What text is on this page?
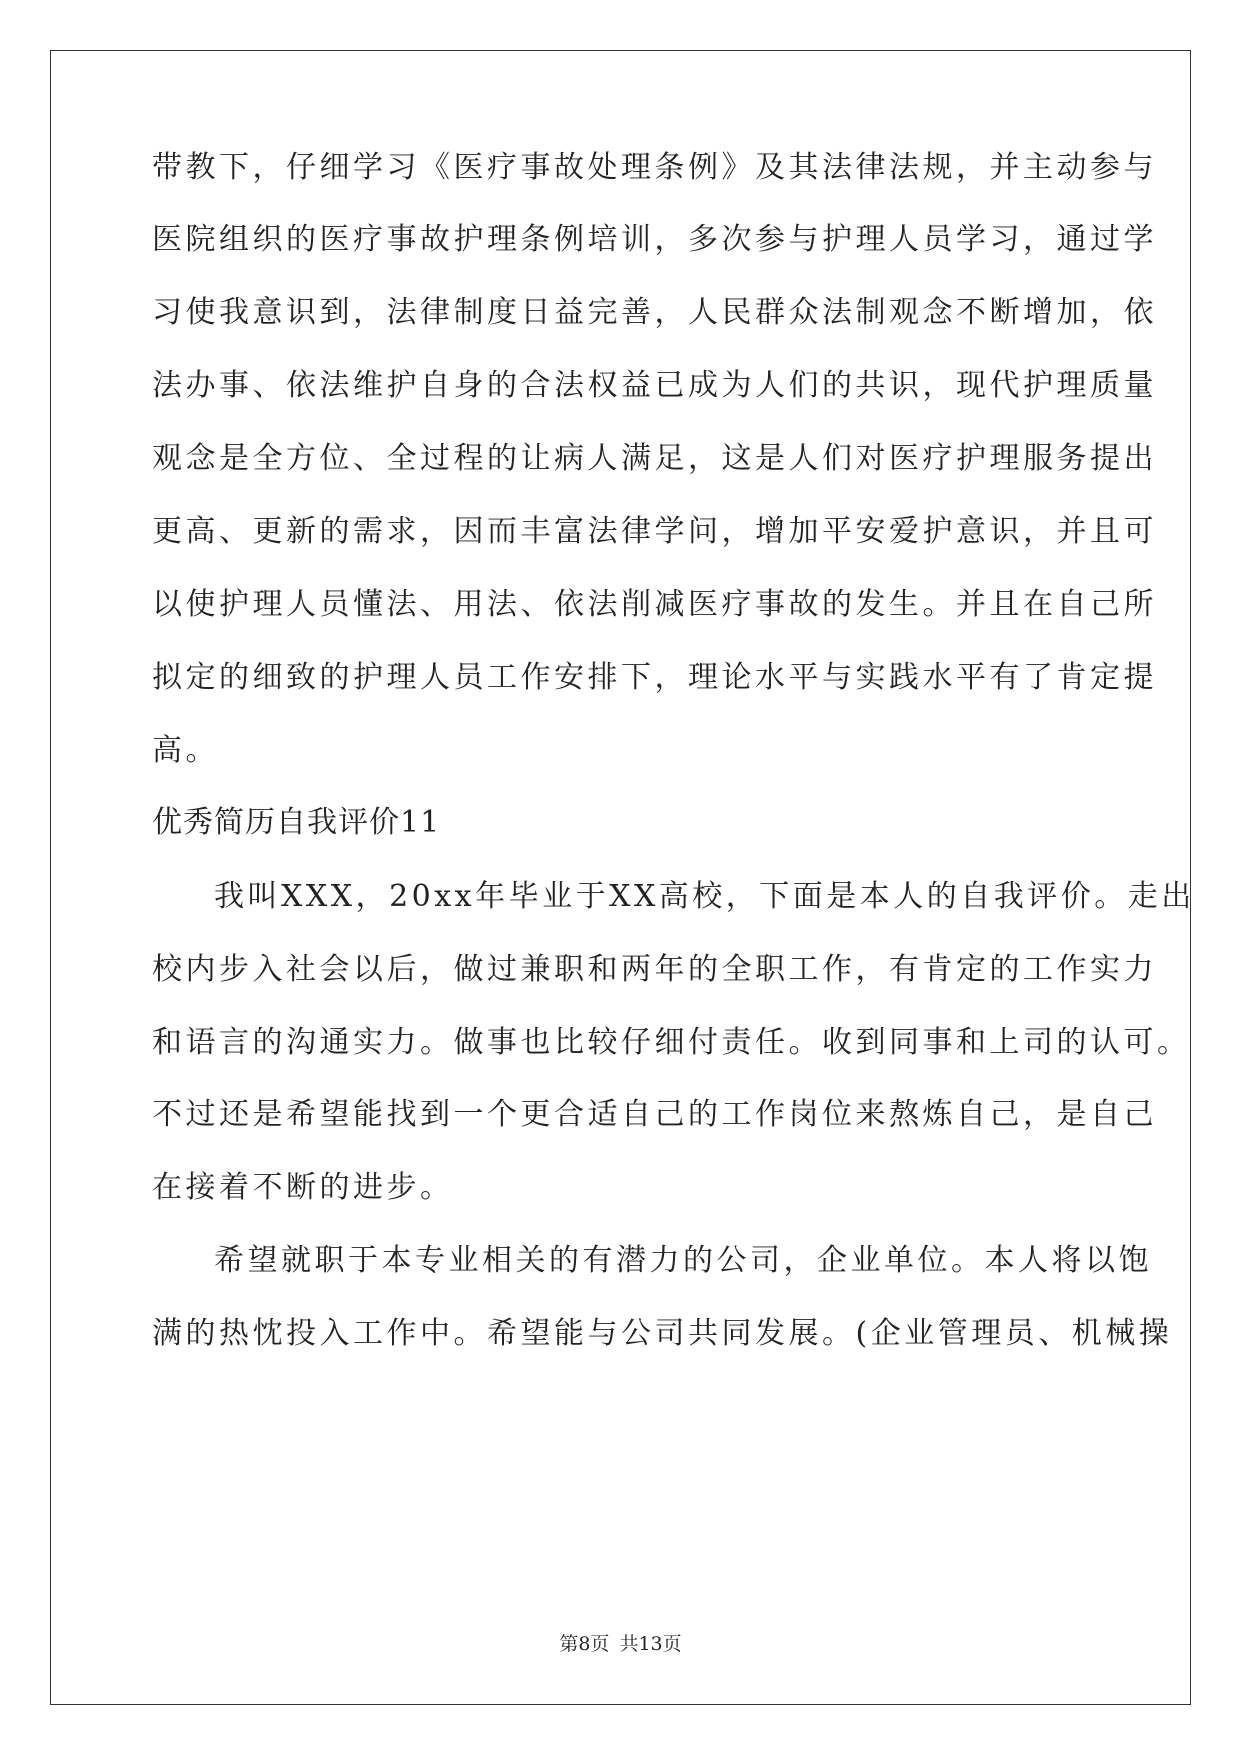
带教下，仔细学习《医疗事故处理条例》及其法律法规，并主动参与
医院组织的医疗事故护理条例培训，多次参与护理人员学习，通过学
习使我意识到，法律制度日益完善，人民群众法制观念不断增加，依
法办事、依法维护自身的合法权益已成为人们的共识，现代护理质量
观念是全方位、全过程的让病人满足，这是人们对医疗护理服务提出
更高、更新的需求，因而丰富法律学问，增加平安爱护意识，并且可
以使护理人员懂法、用法、依法削减医疗事故的发生。并且在自己所
拟定的细致的护理人员工作安排下，理论水平与实践水平有了肯定提
高。
优秀简历自我评价11
我叫XXX，20xx年毕业于XX高校，下面是本人的自我评价。走出
校内步入社会以后，做过兼职和两年的全职工作，有肯定的工作实力
和语言的沟通实力。做事也比较仔细付责任。收到同事和上司的认可。
不过还是希望能找到一个更合适自己的工作岗位来熬炼自己，是自己
在接着不断的进步。
希望就职于本专业相关的有潜力的公司，企业单位。本人将以饱
满的热忱投入工作中。希望能与公司共同发展。(企业管理员、机械操
第8页 共13页
